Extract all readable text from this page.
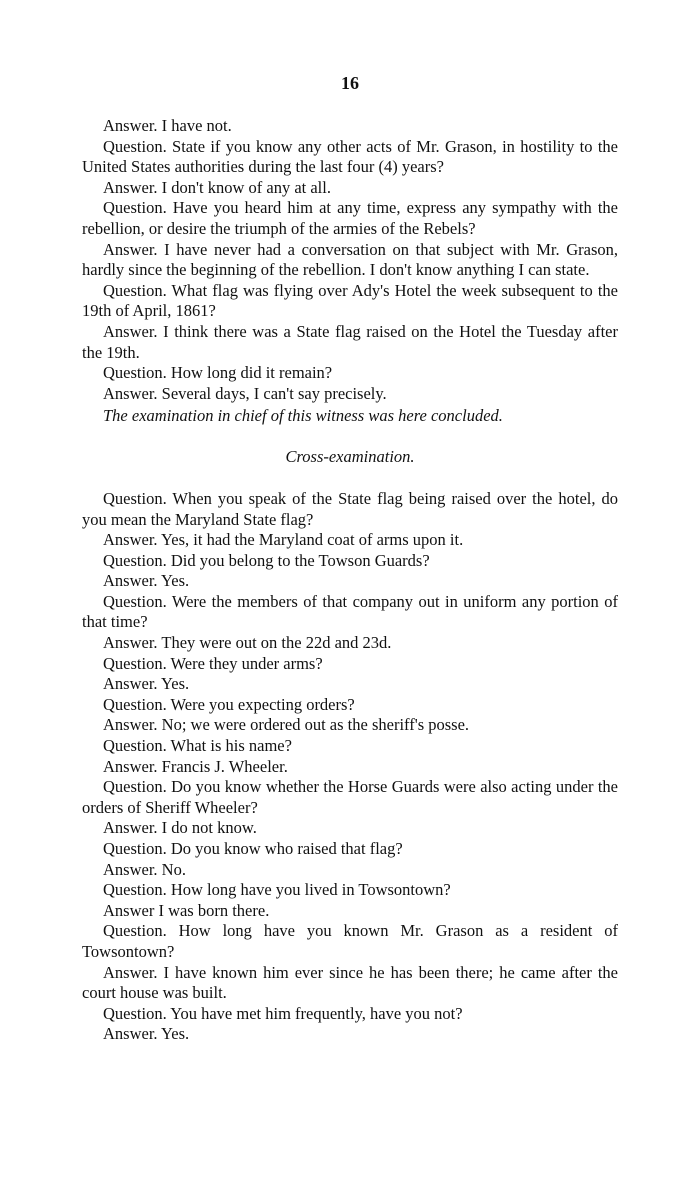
16

Answer. I have not.

Question. State if you know any other acts of Mr. Grason, in hostility to the United States authorities during the last four (4) years?

Answer. I don't know of any at all.

Question. Have you heard him at any time, express any sympathy with the rebellion, or desire the triumph of the armies of the Rebels?

Answer. I have never had a conversation on that subject with Mr. Grason, hardly since the beginning of the rebellion. I don't know anything I can state.

Question. What flag was flying over Ady's Hotel the week subsequent to the 19th of April, 1861?

Answer. I think there was a State flag raised on the Hotel the Tuesday after the 19th.

Question. How long did it remain?

Answer. Several days, I can't say precisely.

The examination in chief of this witness was here concluded.

Cross-examination.

Question. When you speak of the State flag being raised over the hotel, do you mean the Maryland State flag?

Answer. Yes, it had the Maryland coat of arms upon it.

Question. Did you belong to the Towson Guards?

Answer. Yes.

Question. Were the members of that company out in uniform any portion of that time?

Answer. They were out on the 22d and 23d.

Question. Were they under arms?

Answer. Yes.

Question. Were you expecting orders?

Answer. No; we were ordered out as the sheriff's posse.

Question. What is his name?

Answer. Francis J. Wheeler.

Question. Do you know whether the Horse Guards were also acting under the orders of Sheriff Wheeler?

Answer. I do not know.

Question. Do you know who raised that flag?

Answer. No.

Question. How long have you lived in Towsontown?

Answer I was born there.

Question. How long have you known Mr. Grason as a resident of Towsontown?

Answer. I have known him ever since he has been there; he came after the court house was built.

Question. You have met him frequently, have you not?

Answer. Yes.
